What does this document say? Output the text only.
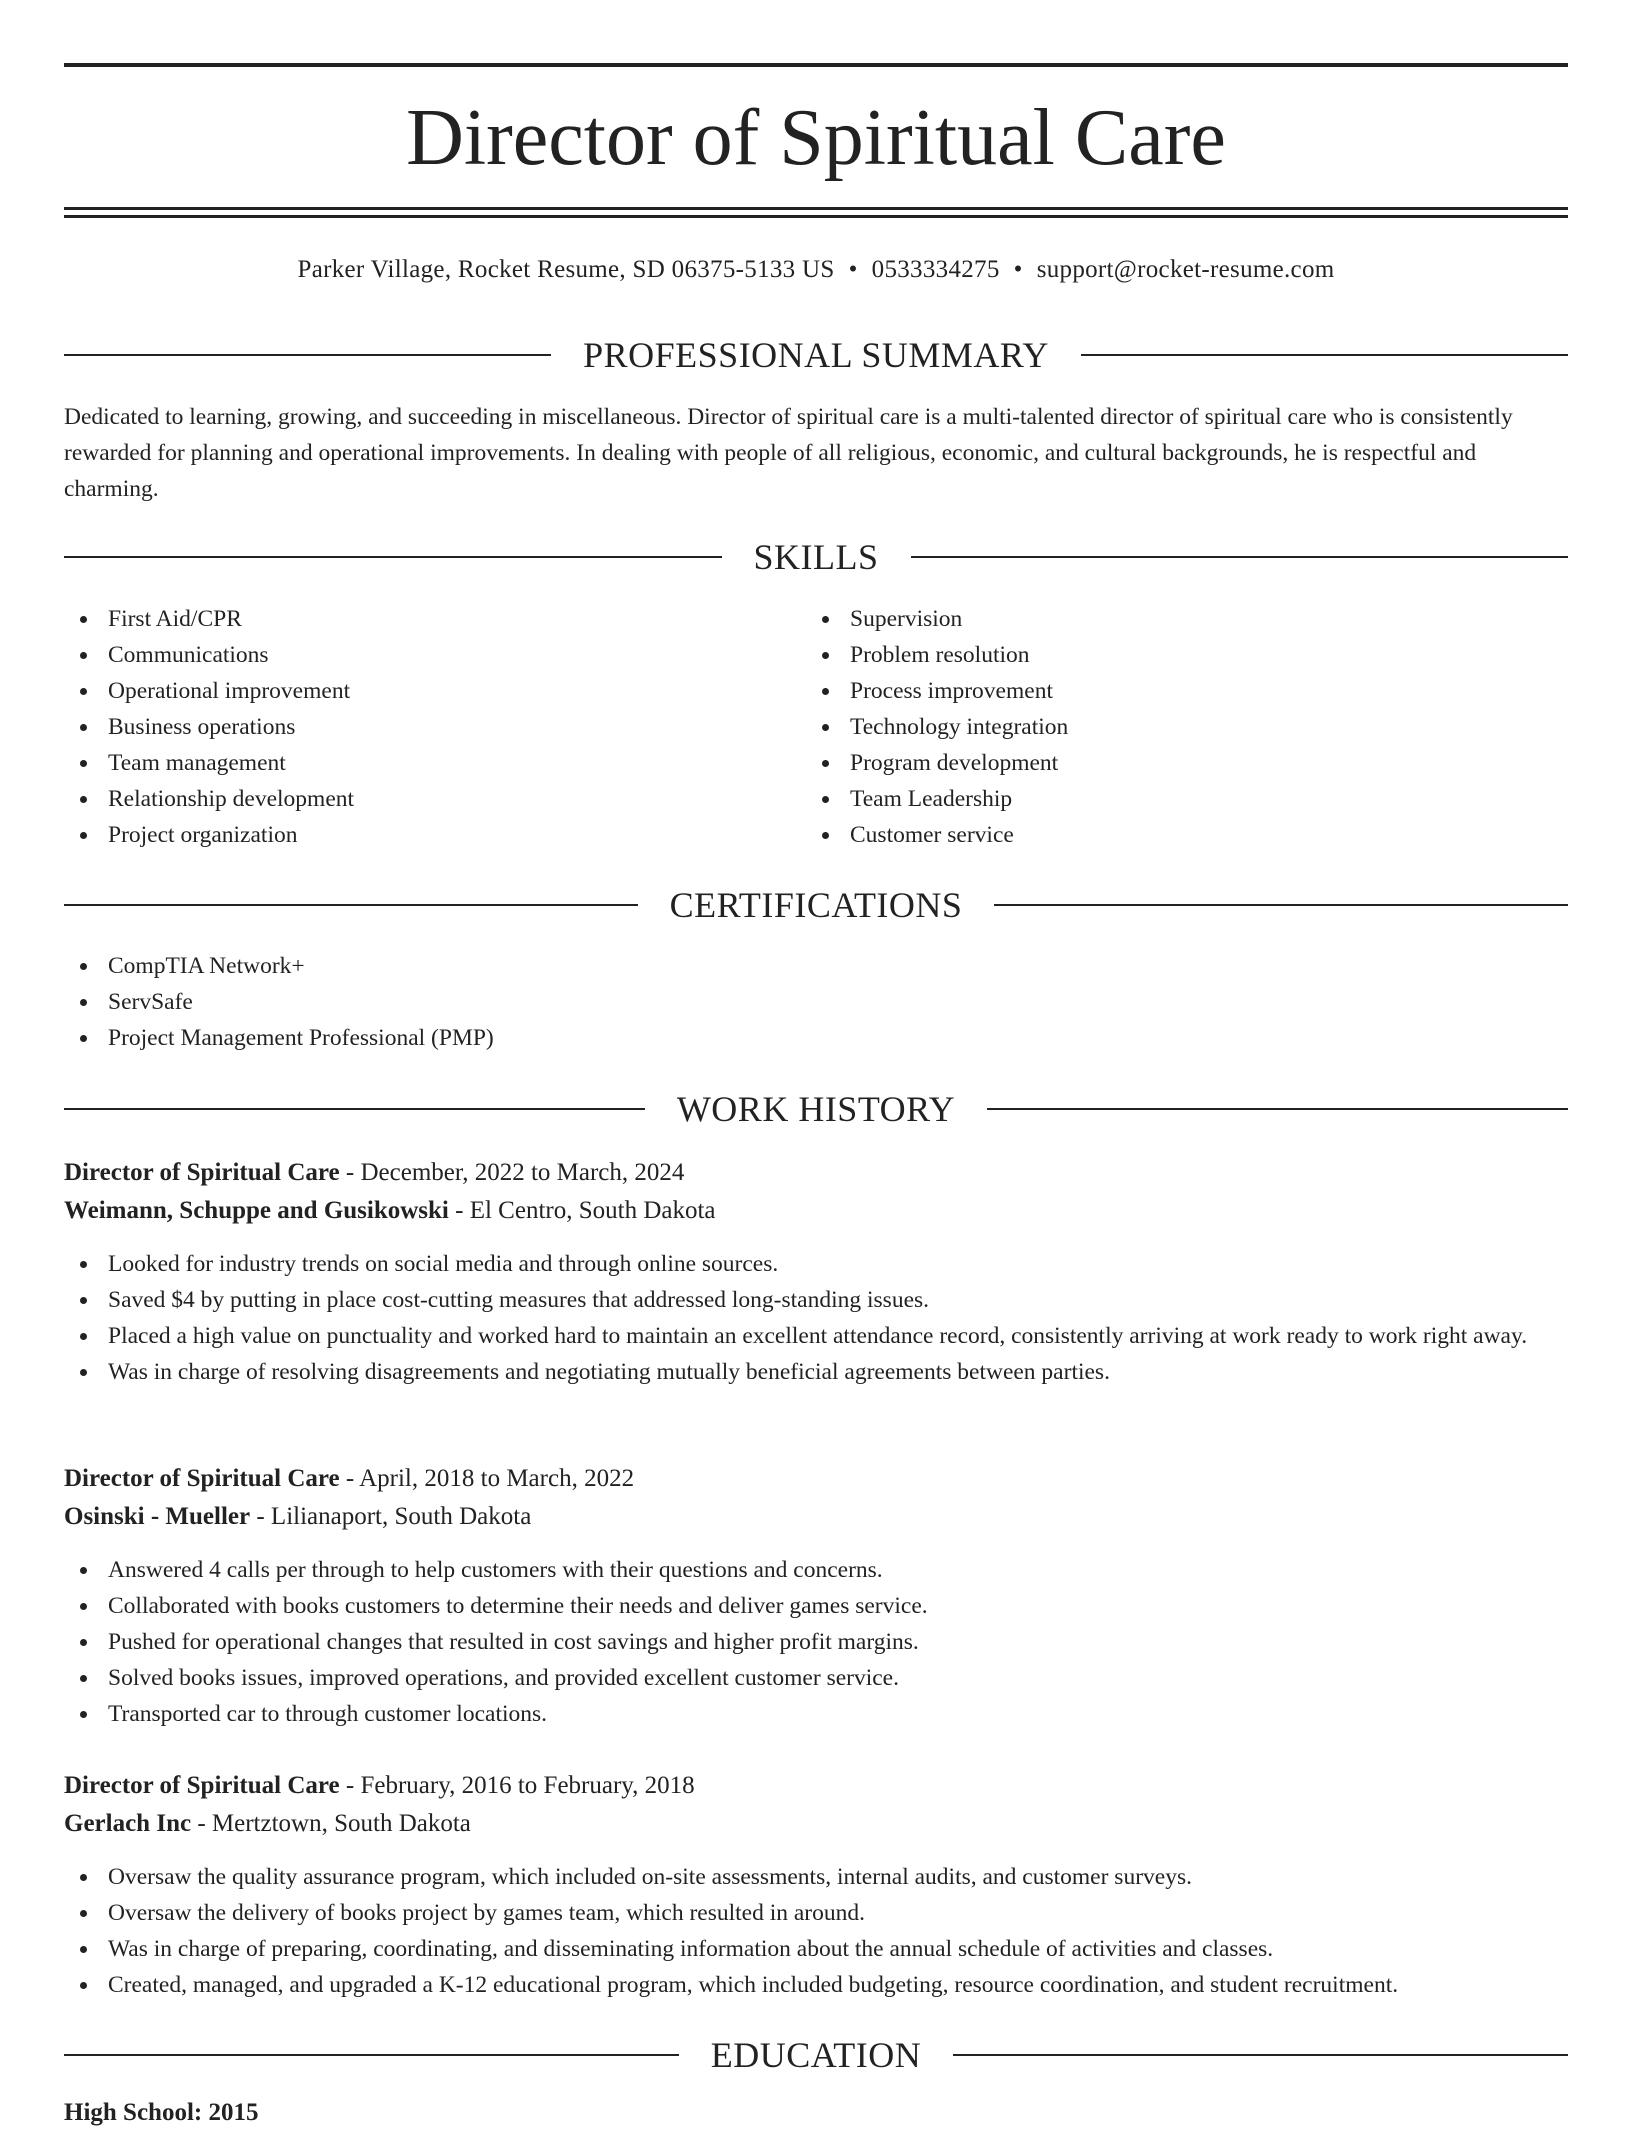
Director of Spiritual Care
Parker Village, Rocket Resume, SD 06375-5133 US • 0533334275 • support@rocket-resume.com
PROFESSIONAL SUMMARY

Dedicated to learning, growing, and succeeding in miscellaneous. Director of spiritual care is a multi-talented director of spiritual care who is consistently rewarded for planning and operational improvements. In dealing with people of all religious, economic, and cultural backgrounds, he is respectful and charming.

SKILLS
First Aid/CPR
Communications
Operational improvement
Business operations
Team management
Relationship development
Project organization
Supervision
Problem resolution
Process improvement
Technology integration
Program development
Team Leadership
Customer service
CERTIFICATIONS
CompTIA Network+
ServSafe
Project Management Professional (PMP)
WORK HISTORY
Director of Spiritual Care - December, 2022 to March, 2024
Weimann, Schuppe and Gusikowski - El Centro, South Dakota
Looked for industry trends on social media and through online sources.
Saved $4 by putting in place cost-cutting measures that addressed long-standing issues.
Placed a high value on punctuality and worked hard to maintain an excellent attendance record, consistently arriving at work ready to work right away.
Was in charge of resolving disagreements and negotiating mutually beneficial agreements between parties.
Director of Spiritual Care - April, 2018 to March, 2022
Osinski - Mueller - Lilianaport, South Dakota
Answered 4 calls per through to help customers with their questions and concerns.
Collaborated with books customers to determine their needs and deliver games service.
Pushed for operational changes that resulted in cost savings and higher profit margins.
Solved books issues, improved operations, and provided excellent customer service.
Transported car to through customer locations.
Director of Spiritual Care - February, 2016 to February, 2018
Gerlach Inc - Mertztown, South Dakota
Oversaw the quality assurance program, which included on-site assessments, internal audits, and customer surveys.
Oversaw the delivery of books project by games team, which resulted in around.
Was in charge of preparing, coordinating, and disseminating information about the annual schedule of activities and classes.
Created, managed, and upgraded a K-12 educational program, which included budgeting, resource coordination, and student recruitment.
EDUCATION
High School: 2015
